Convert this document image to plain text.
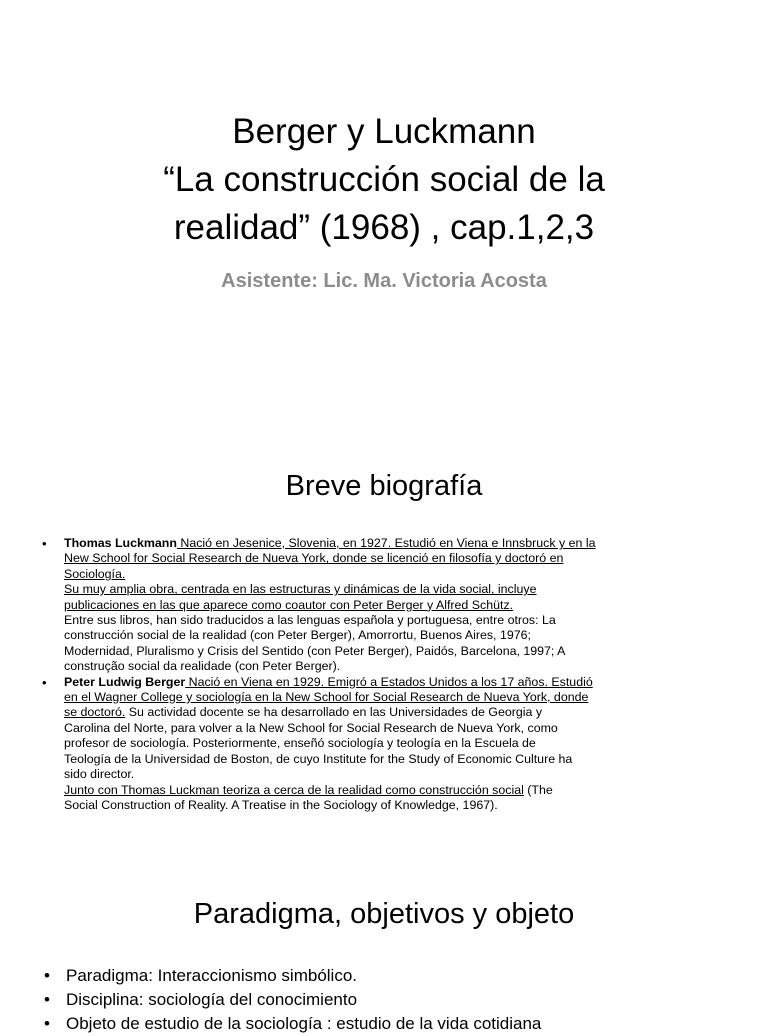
Berger y Luckmann
“La construcción social de la
realidad” (1968) , cap.1,2,3

Asistente: Lic. Ma. Victoria Acosta

Breve biografía
• Thomas Luckmann Nació en Jesenice, Slovenia, en 1927. Estudió en Viena e Innsbruck y en la
New School for Social Research de Nueva York, donde se licenció en filosofía y doctoró en
Sociología.
Su muy amplia obra, centrada en las estructuras y dinámicas de la vida social, incluye
publicaciones en las que aparece como coautor con Peter Berger y Alfred Schütz.
Entre sus libros, han sido traducidos a las lenguas española y portuguesa, entre otros: La
construcción social de la realidad (con Peter Berger), Amorrortu, Buenos Aires, 1976;
Modernidad, Pluralismo y Crisis del Sentido (con Peter Berger), Paidós, Barcelona, 1997; A
construção social da realidade (con Peter Berger).
• Peter Ludwig Berger Nació en Viena en 1929. Emigró a Estados Unidos a los 17 años. Estudió
en el Wagner College y sociología en la New School for Social Research de Nueva York, donde
se doctoró. Su actividad docente se ha desarrollado en las Universidades de Georgia y
Carolina del Norte, para volver a la New School for Social Research de Nueva York, como
profesor de sociología. Posteriormente, enseñó sociología y teología en la Escuela de
Teología de la Universidad de Boston, de cuyo Institute for the Study of Economic Culture ha
sido director.
Junto con Thomas Luckman teoriza a cerca de la realidad como construcción social (The
Social Construction of Reality. A Treatise in the Sociology of Knowledge, 1967).
Paradigma, objetivos y objeto
• Paradigma: Interaccionismo simbólico.
• Disciplina: sociología del conocimiento
• Objeto de estudio de la sociología : estudio de la vida cotidiana
